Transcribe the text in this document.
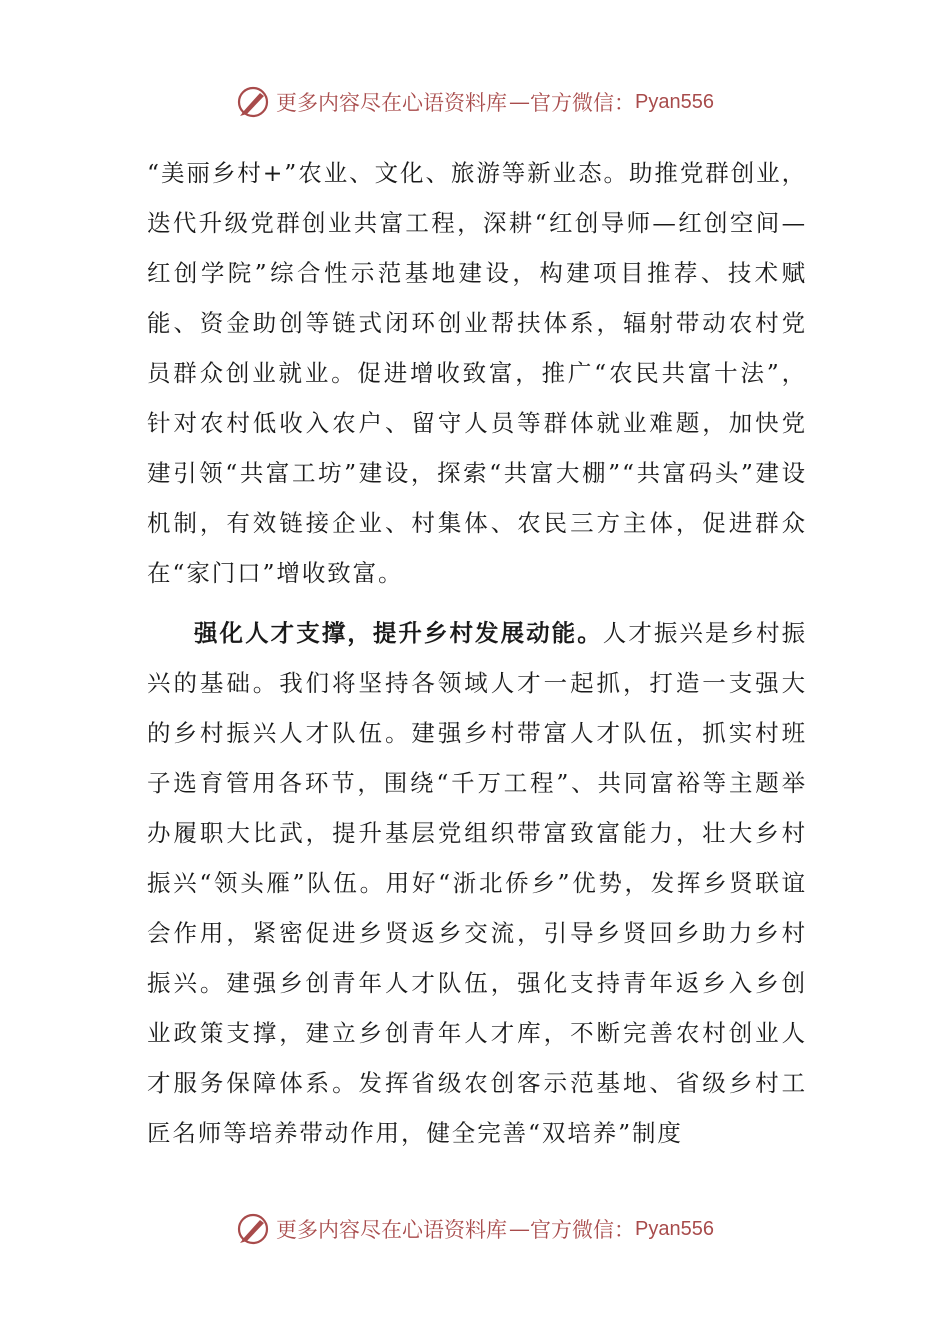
更多内容尽在心语资料库 — 官方微信： Pyan556

“美丽乡村+”农业、文化、旅游等新业态。助推党群创业，迭代升级党群创业共富工程，深耕“红创导师—红创空间—红创学院”综合性示范基地建设，构建项目推荐、技术赋能、资金助创等链式闭环创业帮扶体系，辐射带动农村党员群众创业就业。促进增收致富，推广“农民共富十法”，针对农村低收入农户、留守人员等群体就业难题，加快党建引领“共富工坊”建设，探索“共富大棚”“共富码头”建设机制，有效链接企业、村集体、农民三方主体，促进群众在“家门口”增收致富。

强化人才支撑，提升乡村发展动能。人才振兴是乡村振兴的基础。我们将坚持各领域人才一起抓，打造一支强大的乡村振兴人才队伍。建强乡村带富人才队伍，抓实村班子选育管用各环节，围绕“千万工程”、共同富裕等主题举办履职大比武，提升基层党组织带富致富能力，壮大乡村振兴“领头雁”队伍。用好“浙北侨乡”优势，发挥乡贤联谊会作用，紧密促进乡贤返乡交流，引导乡贤回乡助力乡村振兴。建强乡创青年人才队伍，强化支持青年返乡入乡创业政策支撑，建立乡创青年人才库，不断完善农村创业人才服务保障体系。发挥省级农创客示范基地、省级乡村工匠名师等培养带动作用，健全完善“双培养”制度

更多内容尽在心语资料库 — 官方微信： Pyan556
